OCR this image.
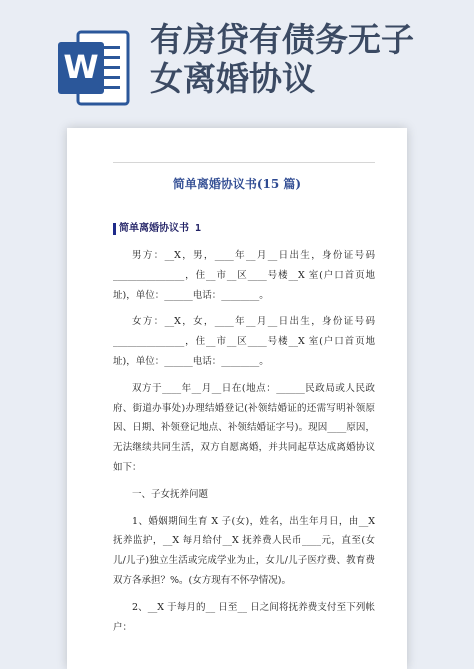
W
有房贷有债务无子
女离婚协议
简单离婚协议书(15 篇)
简单离婚协议书 1

男方：__X，男，____年__月__日出生，身份证号码_______________，住__市__区____号楼__X 室(户口首页地址)，单位：______电话：________。

女方：__X，女，____年__月__日出生，身份证号码_______________，住__市__区____号楼__X 室(户口首页地址)，单位：______电话：________。

双方于____年__月__日在(地点：______民政局或人民政府、街道办事处)办理结婚登记(补领结婚证的还需写明补领原因、日期、补领登记地点、补领结婚证字号)。现因____原因，无法继续共同生活，双方自愿离婚，并共同起草达成离婚协议如下：

一、子女抚养问题

1、婚姻期间生育 X 子(女)，姓名，出生年月日，由__X 抚养监护，__X 每月给付__X 抚养费人民币____元，直至(女儿/儿子)独立生活或完成学业为止，女儿/儿子医疗费、教育费双方各承担？%。(女方现有不怀孕情况)。

2、__X 于每月的__ 日至__ 日之间将抚养费支付至下列帐户：
